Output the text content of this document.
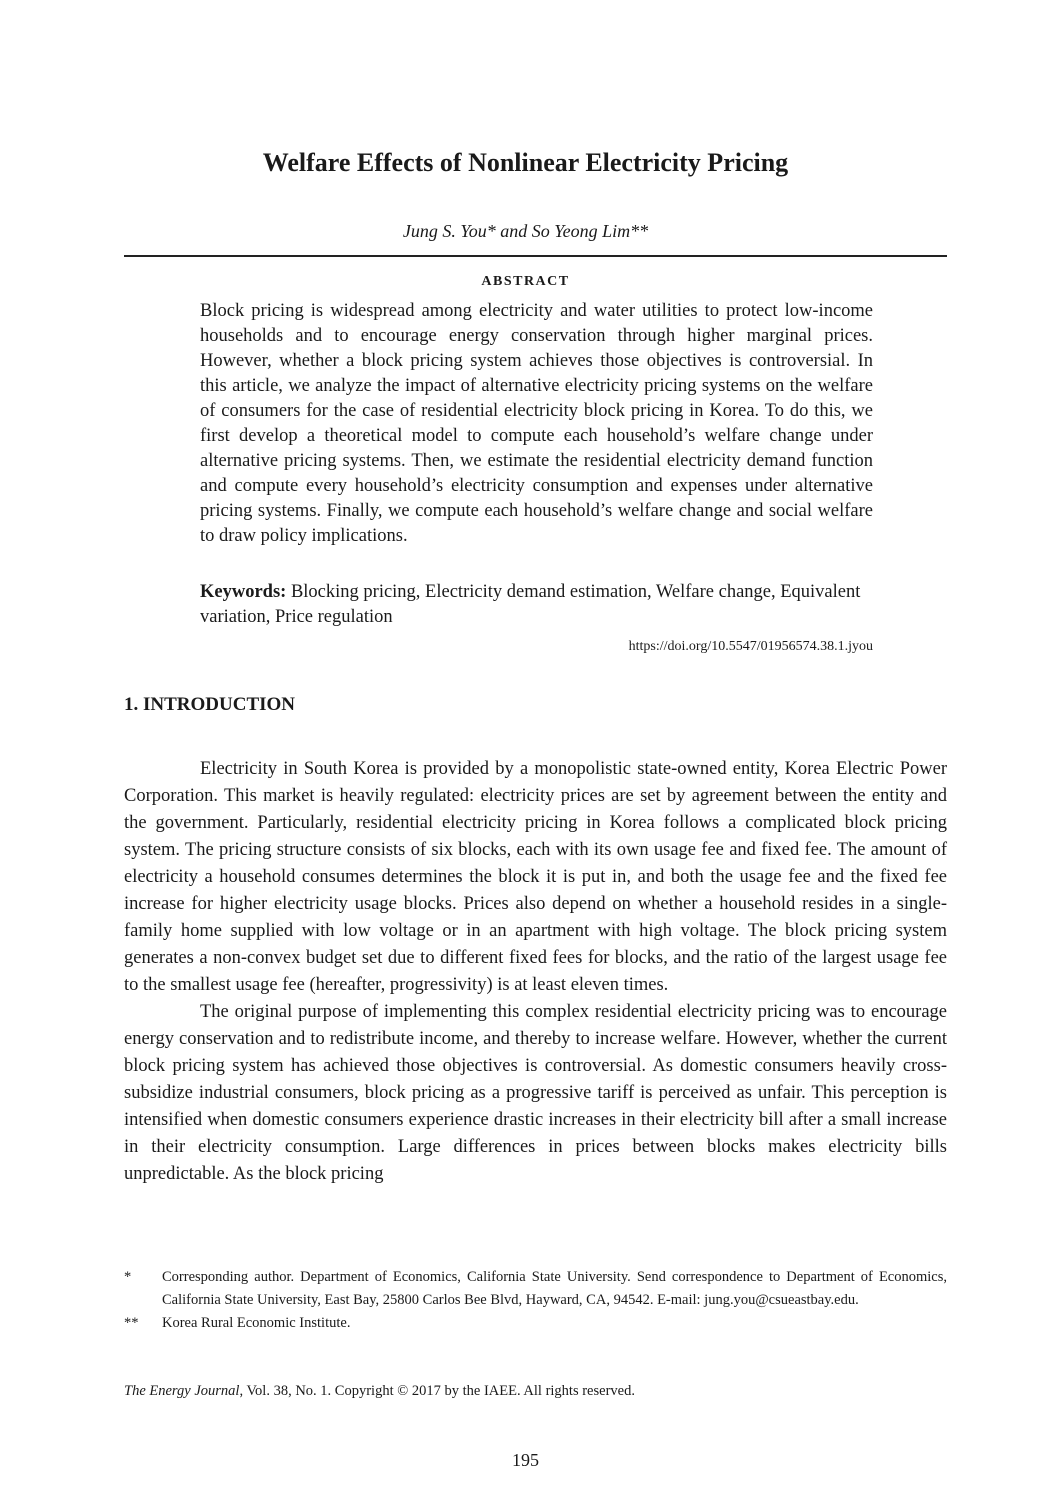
Welfare Effects of Nonlinear Electricity Pricing
Jung S. You* and So Yeong Lim**
ABSTRACT

Block pricing is widespread among electricity and water utilities to protect low-income households and to encourage energy conservation through higher marginal prices. However, whether a block pricing system achieves those objectives is controversial. In this article, we analyze the impact of alternative electricity pricing systems on the welfare of consumers for the case of residential electricity block pricing in Korea. To do this, we first develop a theoretical model to compute each household’s welfare change under alternative pricing systems. Then, we estimate the residential electricity demand function and compute every household’s electricity consumption and expenses under alternative pricing systems. Finally, we compute each household’s welfare change and social welfare to draw policy implications.

Keywords: Blocking pricing, Electricity demand estimation, Welfare change, Equivalent variation, Price regulation

https://doi.org/10.5547/01956574.38.1.jyou
1. INTRODUCTION

Electricity in South Korea is provided by a monopolistic state-owned entity, Korea Electric Power Corporation. This market is heavily regulated: electricity prices are set by agreement between the entity and the government. Particularly, residential electricity pricing in Korea follows a complicated block pricing system. The pricing structure consists of six blocks, each with its own usage fee and fixed fee. The amount of electricity a household consumes determines the block it is put in, and both the usage fee and the fixed fee increase for higher electricity usage blocks. Prices also depend on whether a household resides in a single-family home supplied with low voltage or in an apartment with high voltage. The block pricing system generates a non-convex budget set due to different fixed fees for blocks, and the ratio of the largest usage fee to the smallest usage fee (hereafter, progressivity) is at least eleven times.

The original purpose of implementing this complex residential electricity pricing was to encourage energy conservation and to redistribute income, and thereby to increase welfare. However, whether the current block pricing system has achieved those objectives is controversial. As domestic consumers heavily cross-subsidize industrial consumers, block pricing as a progressive tariff is perceived as unfair. This perception is intensified when domestic consumers experience drastic increases in their electricity bill after a small increase in their electricity consumption. Large differences in prices between blocks makes electricity bills unpredictable. As the block pricing

*	Corresponding author. Department of Economics, California State University. Send correspondence to Department of Economics, California State University, East Bay, 25800 Carlos Bee Blvd, Hayward, CA, 94542. E-mail: jung.you@csueastbay.edu.
**	Korea Rural Economic Institute.
The Energy Journal, Vol. 38, No. 1. Copyright © 2017 by the IAEE. All rights reserved.
195
